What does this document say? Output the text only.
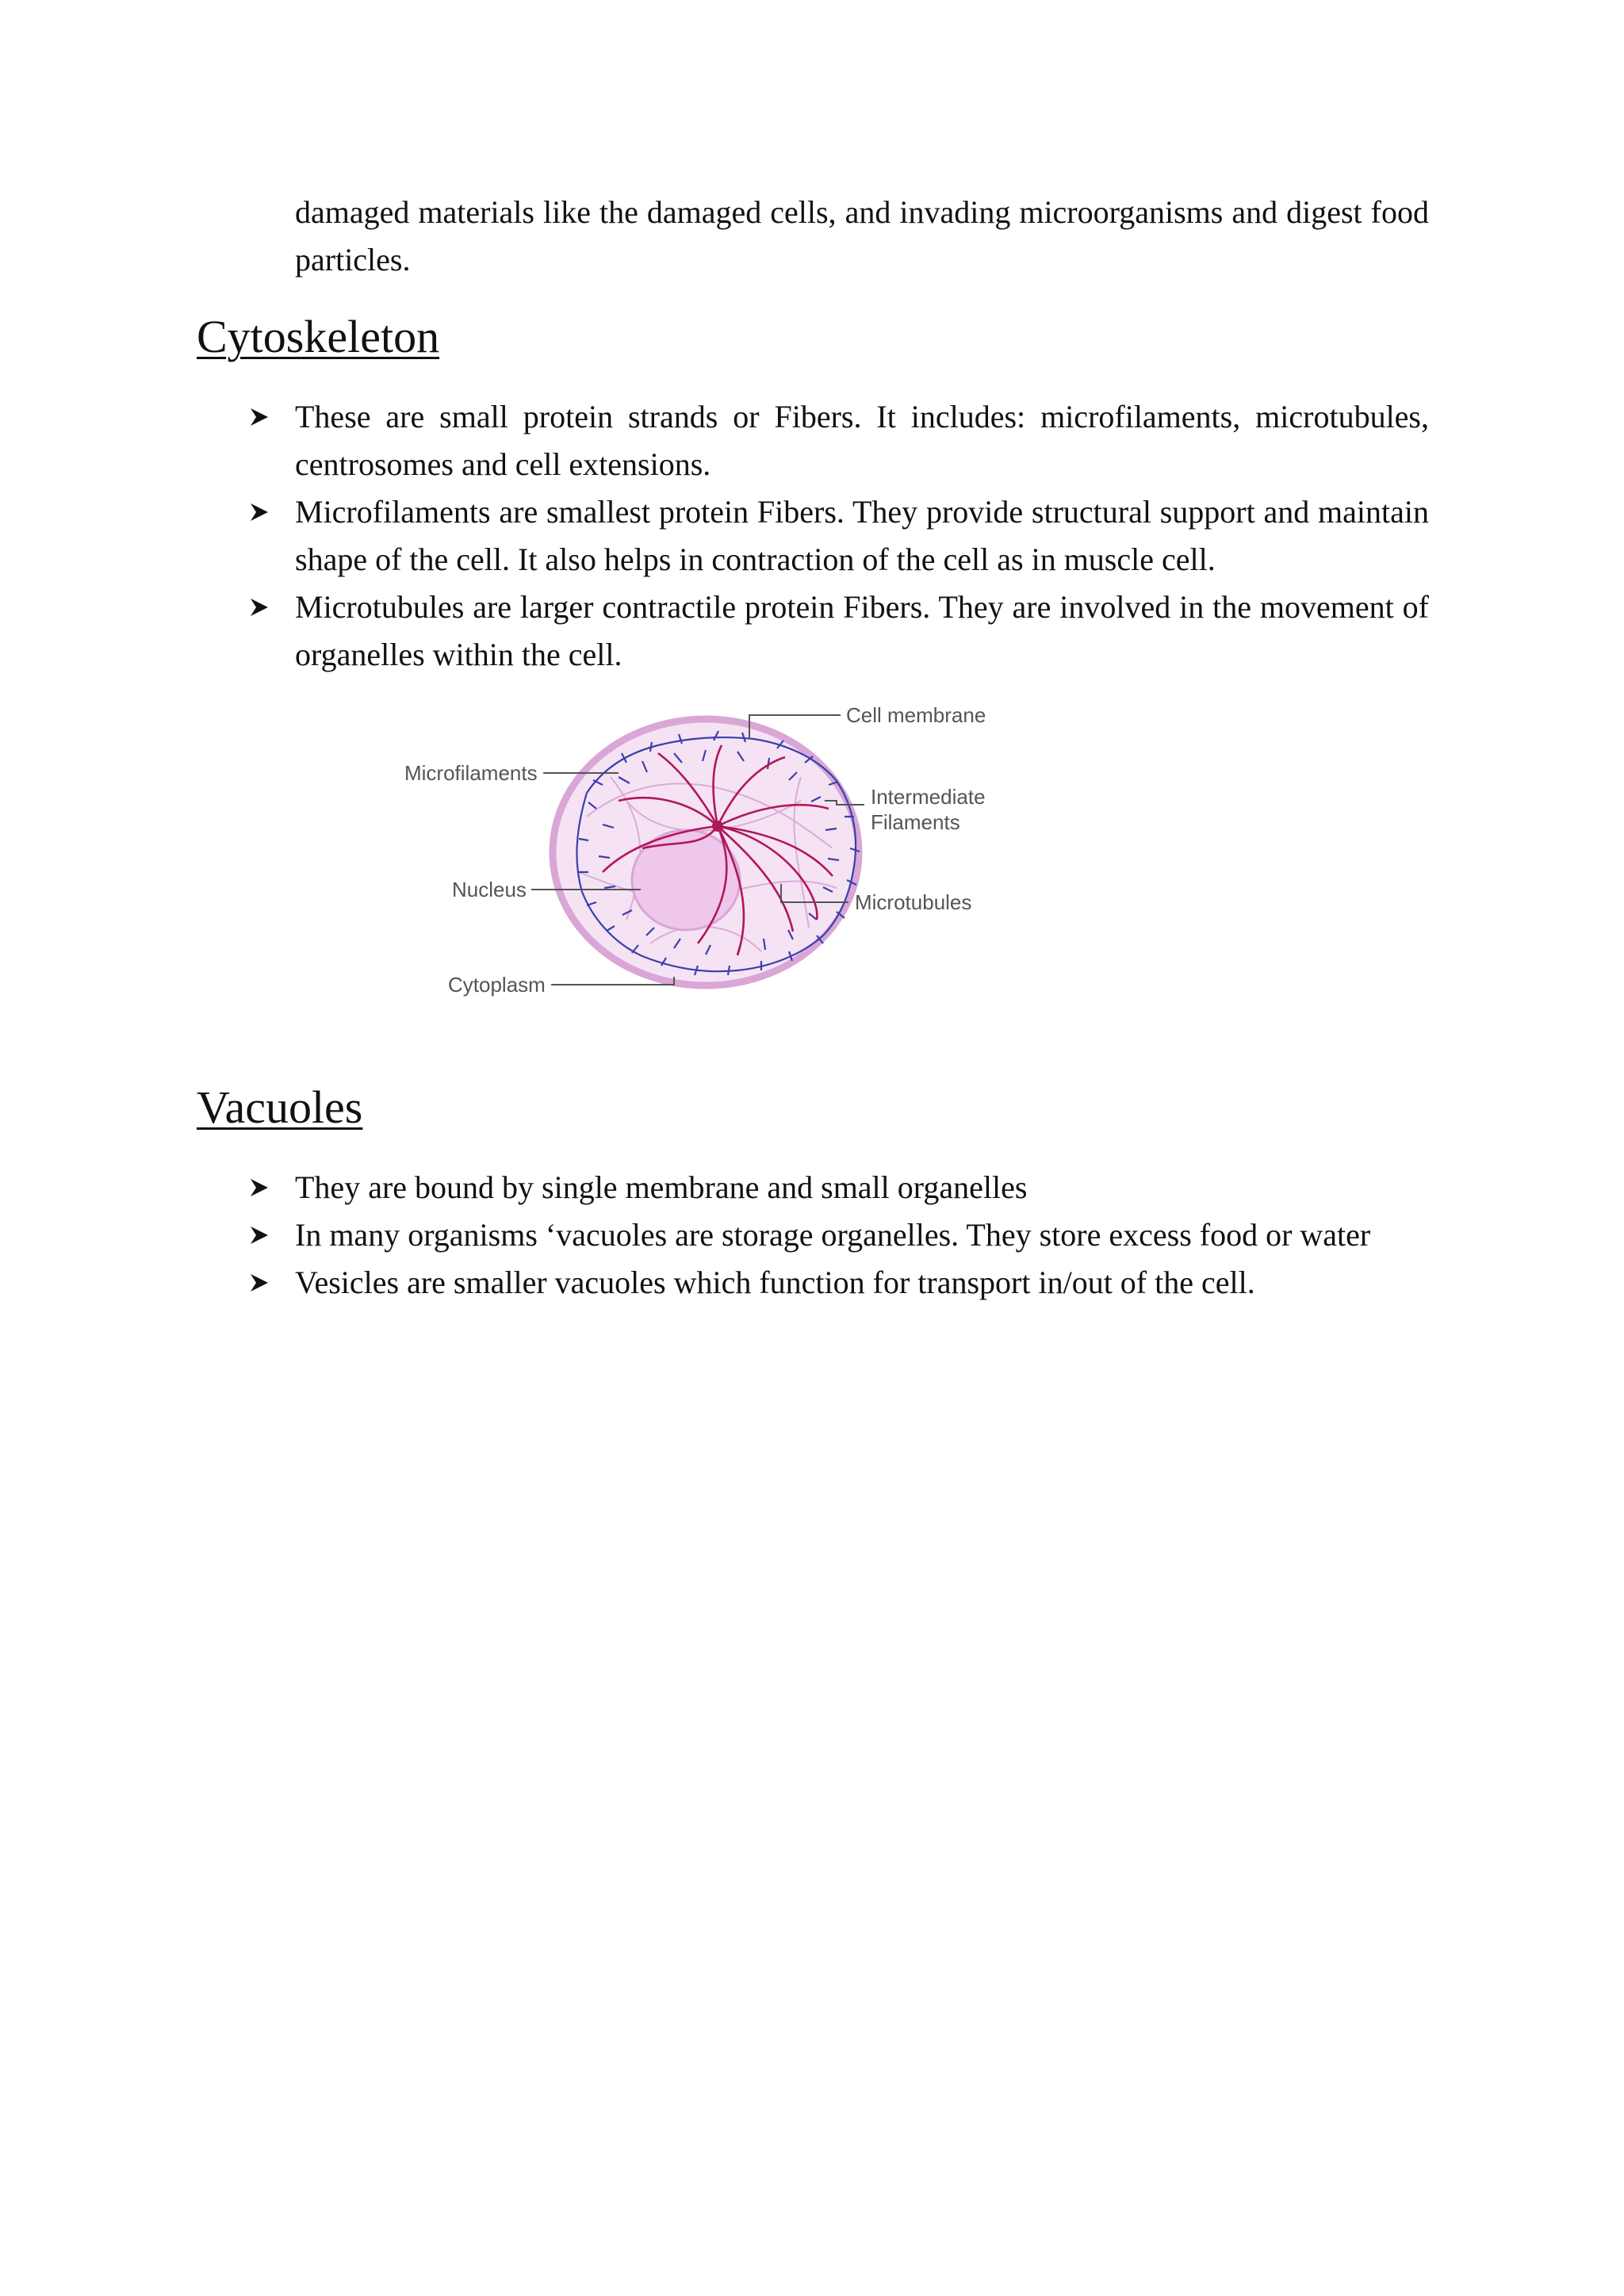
damaged materials like the damaged cells, and invading microorganisms and digest food particles.

Cytoskeleton
These are small protein strands or Fibers. It includes: microfilaments, microtubules, centrosomes and cell extensions.
Microfilaments are smallest protein Fibers. They provide structural support and maintain shape of the cell. It also helps in contraction of the cell as in muscle cell.
Microtubules are larger contractile protein Fibers. They are involved in the movement of organelles within the cell.
Cell membrane
Microfilaments
Intermediate
Filaments
Nucleus
Microtubules
Cytoplasm
Vacuoles
They are bound by single membrane and small organelles
In many organisms ‘vacuoles are storage organelles. They store excess food or water
Vesicles are smaller vacuoles which function for transport in/out of the cell.
